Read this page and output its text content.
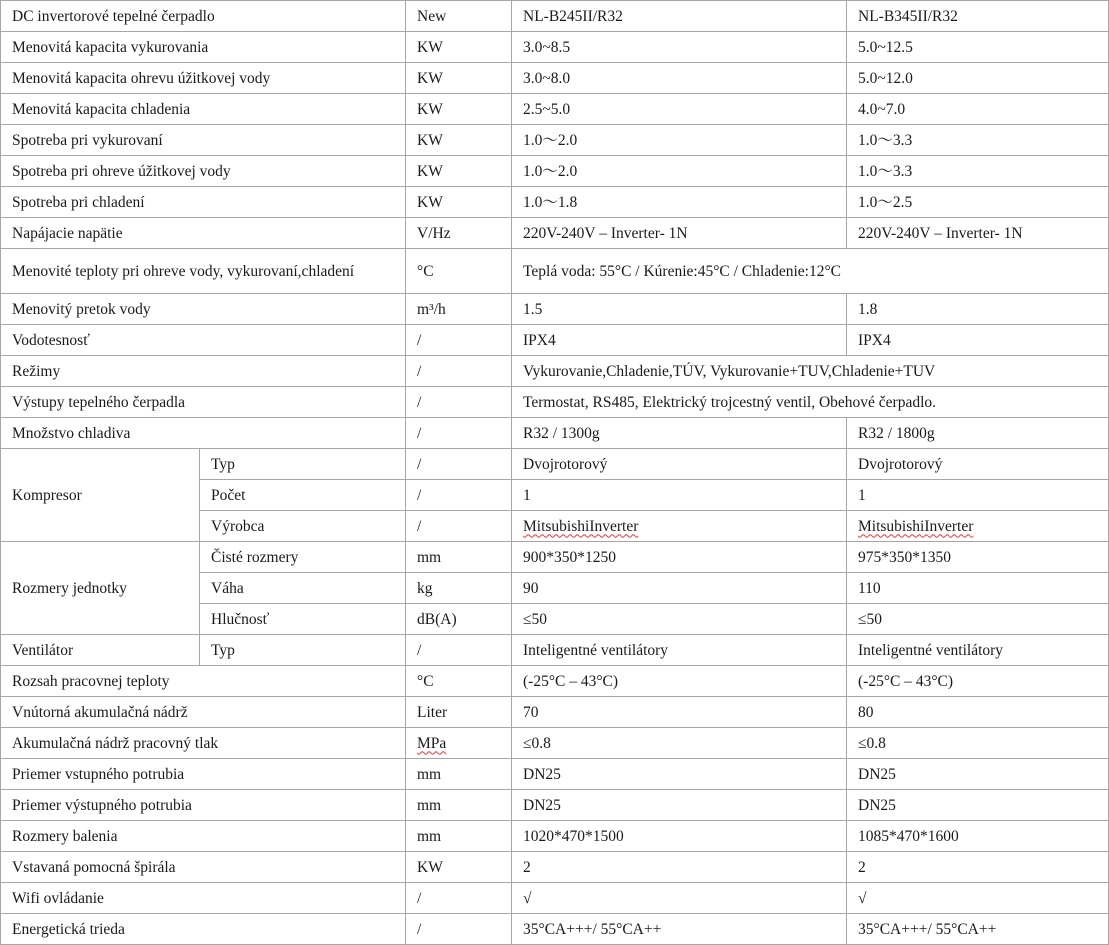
DC invertorové tepelné čerpadlo		New	NL-B245II/R32	NL-B345II/R32
Menovitá kapacita vykurovania		KW	3.0~8.5	5.0~12.5
Menovitá kapacita ohrevu úžitkovej vody		KW	3.0~8.0	5.0~12.0
Menovitá kapacita chladenia		KW	2.5~5.0	4.0~7.0
Spotreba pri vykurovaní		KW	1.0～2.0	1.0～3.3
Spotreba pri ohreve úžitkovej vody		KW	1.0～2.0	1.0～3.3
Spotreba pri chladení		KW	1.0～1.8	1.0～2.5
Napájacie napätie		V/Hz	220V-240V – Inverter- 1N	220V-240V – Inverter- 1N
Menovité teploty pri ohreve vody, vykurovaní,chladení		°C	Teplá voda: 55°C / Kúrenie:45°C / Chladenie:12°C	
Menovitý pretok vody		m³/h	1.5	1.8
Vodotesnosť		/	IPX4	IPX4
Režimy		/	Vykurovanie,Chladenie,TÚV, Vykurovanie+TUV,Chladenie+TUV	
Výstupy tepelného čerpadla		/	Termostat, RS485, Elektrický trojcestný ventil, Obehové čerpadlo.	
Množstvo chladiva		/	R32 / 1300g	R32 / 1800g
Kompresor	Typ	/	Dvojrotorový	Dvojrotorový
	Počet	/	1	1
	Výrobca	/	MitsubishiInverter	MitsubishiInverter
Rozmery jednotky	Čisté rozmery	mm	900*350*1250	975*350*1350
	Váha	kg	90	110
	Hlučnosť	dB(A)	≤50	≤50
Ventilátor	Typ	/	Inteligentné ventilátory	Inteligentné ventilátory
Rozsah pracovnej teploty		°C	(-25°C – 43°C)	(-25°C – 43°C)
Vnútorná akumulačná nádrž		Liter	70	80
Akumulačná nádrž pracovný tlak		MPa	≤0.8	≤0.8
Priemer vstupného potrubia		mm	DN25	DN25
Priemer výstupného potrubia		mm	DN25	DN25
Rozmery balenia		mm	1020*470*1500	1085*470*1600
Vstavaná pomocná špirála		KW	2	2
Wifi ovládanie		/	√	√
Energetická trieda		/	35°CA+++/ 55°CA++	35°CA+++/ 55°CA++
